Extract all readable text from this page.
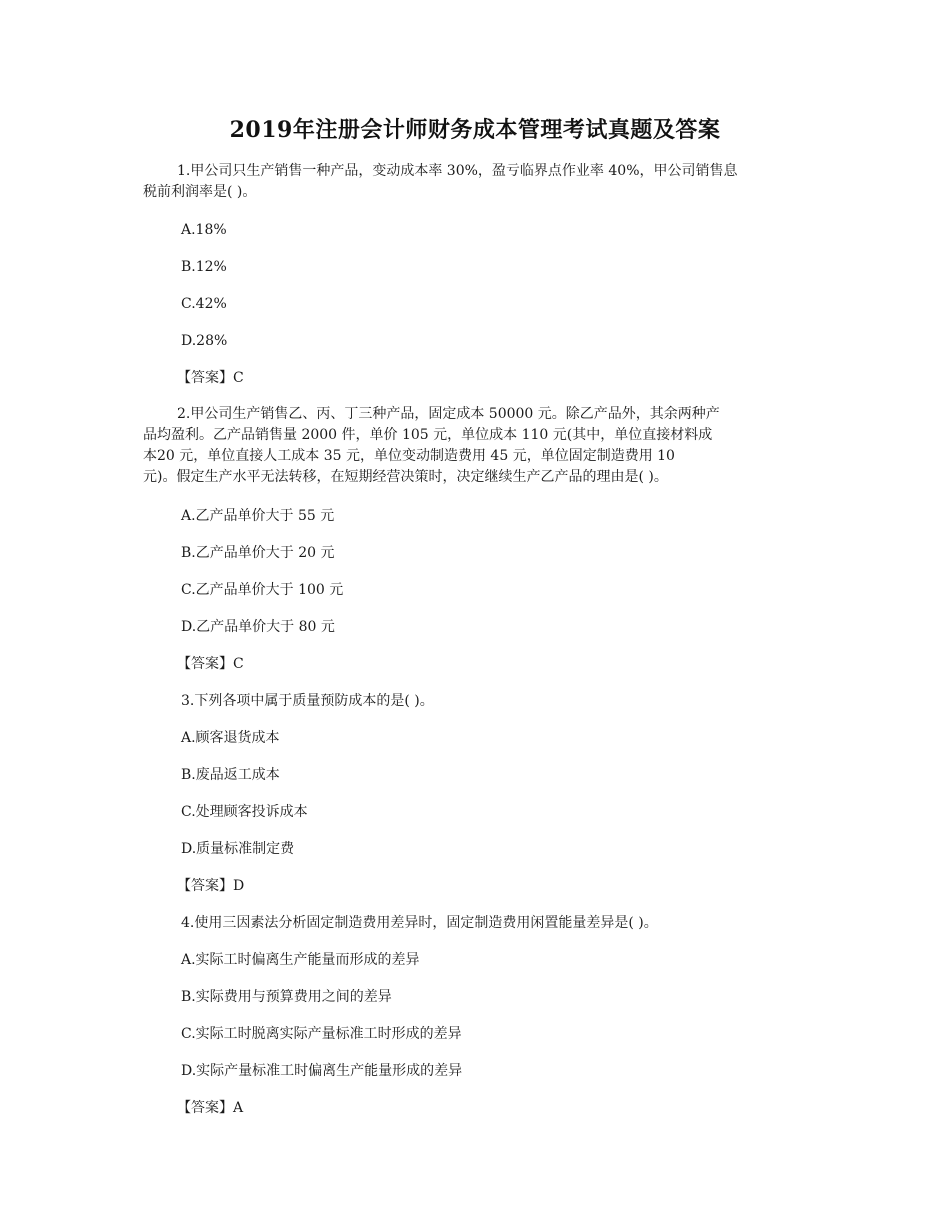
2019年注册会计师财务成本管理考试真题及答案
1.甲公司只生产销售一种产品，变动成本率 30%，盈亏临界点作业率 40%，甲公司销售息
税前利润率是( )。
A.18%
B.12%
C.42%
D.28%
【答案】C
2.甲公司生产销售乙、丙、丁三种产品，固定成本 50000 元。除乙产品外，其余两种产
品均盈利。乙产品销售量 2000 件，单价 105 元，单位成本 110 元(其中，单位直接材料成
本20 元，单位直接人工成本 35 元，单位变动制造费用 45 元，单位固定制造费用 10
元)。假定生产水平无法转移，在短期经营决策时，决定继续生产乙产品的理由是( )。
A.乙产品单价大于 55 元
B.乙产品单价大于 20 元
C.乙产品单价大于 100 元
D.乙产品单价大于 80 元
【答案】C
3.下列各项中属于质量预防成本的是( )。
A.顾客退货成本
B.废品返工成本
C.处理顾客投诉成本
D.质量标准制定费
【答案】D
4.使用三因素法分析固定制造费用差异时，固定制造费用闲置能量差异是( )。
A.实际工时偏离生产能量而形成的差异
B.实际费用与预算费用之间的差异
C.实际工时脱离实际产量标准工时形成的差异
D.实际产量标准工时偏离生产能量形成的差异
【答案】A
